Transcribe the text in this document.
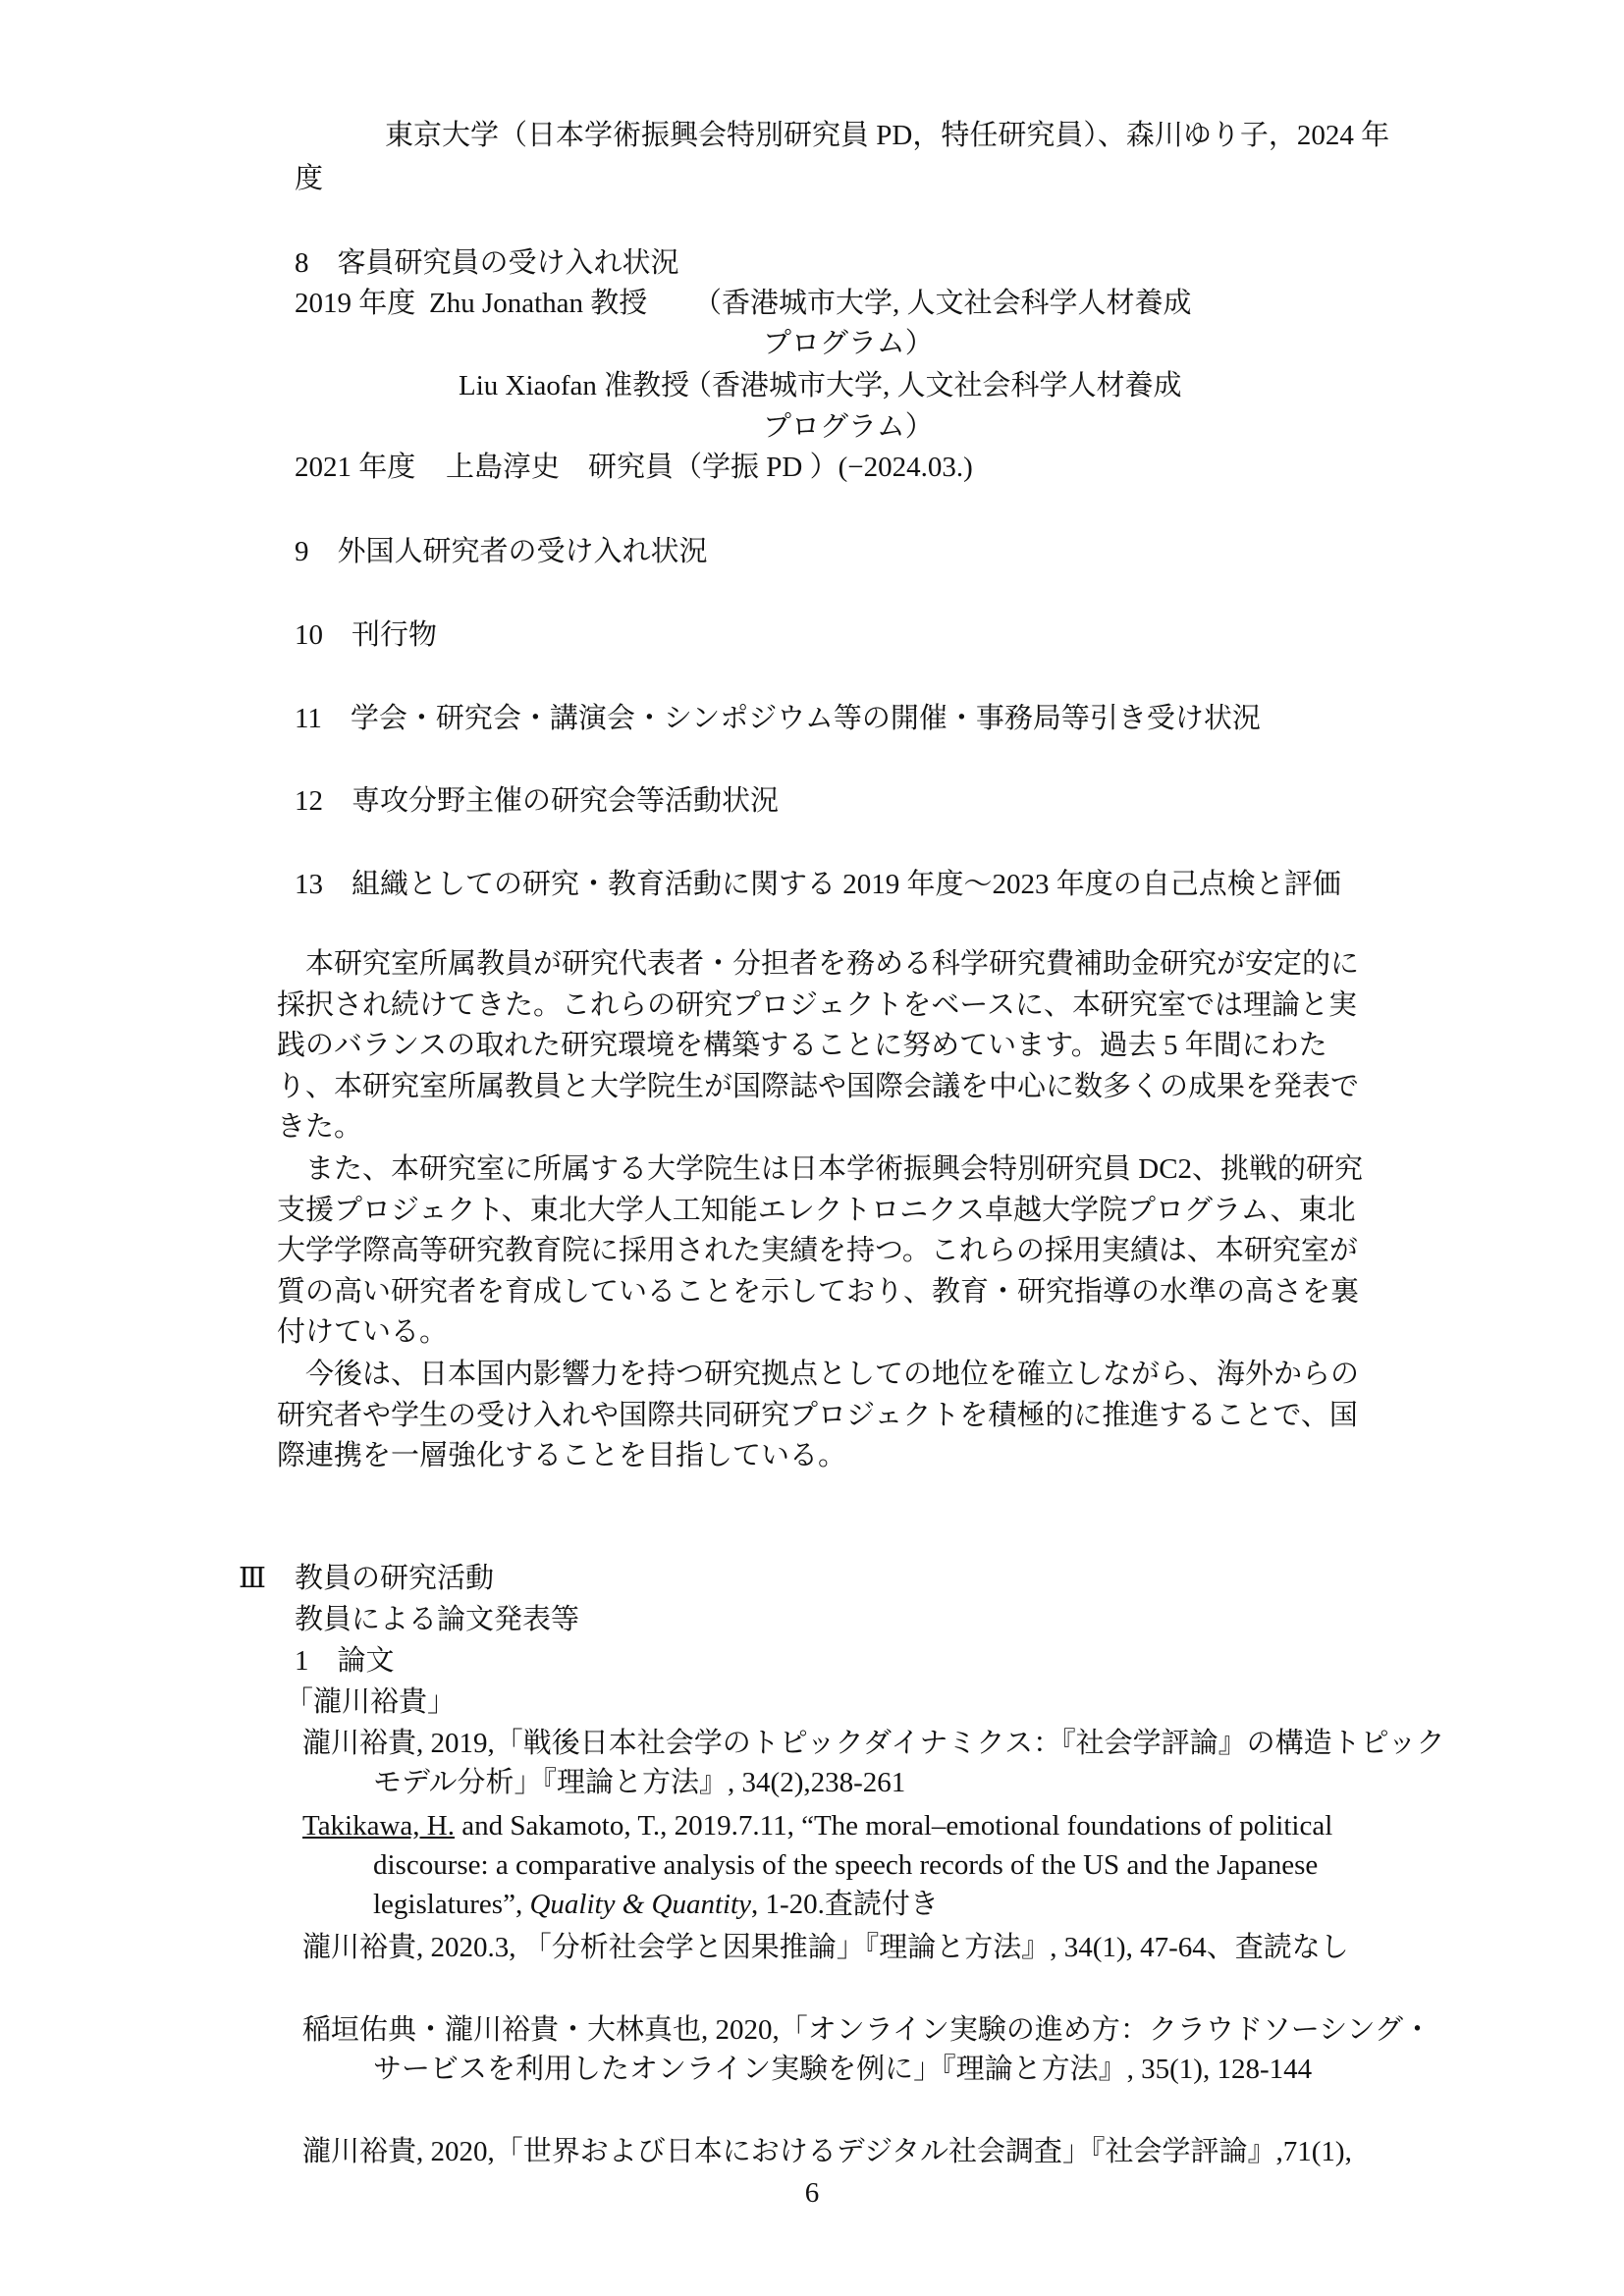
東京大学（日本学術振興会特別研究員 PD，特任研究員）、森川ゆり子，2024 年
度
8　客員研究員の受け入れ状況
2019 年度 Zhu Jonathan 教授 （香港城市大学, 人文社会科学人材養成
プログラム）
Liu Xiaofan 准教授
（香港城市大学, 人文社会科学人材養成
プログラム）
2021 年度 上島淳史　研究員（学振 PD ）(−2024.03.)
9　外国人研究者の受け入れ状況
10　刊行物
11　学会・研究会・講演会・シンポジウム等の開催・事務局等引き受け状況
12　専攻分野主催の研究会等活動状況
13　組織としての研究・教育活動に関する 2019 年度〜2023 年度の自己点検と評価
本研究室所属教員が研究代表者・分担者を務める科学研究費補助金研究が安定的に採択され続けてきた。これらの研究プロジェクトをベースに、本研究室では理論と実践のバランスの取れた研究環境を構築することに努めています。過去 5 年間にわたり、本研究室所属教員と大学院生が国際誌や国際会議を中心に数多くの成果を発表できた。
また、本研究室に所属する大学院生は日本学術振興会特別研究員 DC2、挑戦的研究支援プロジェクト、東北大学人工知能エレクトロニクス卓越大学院プログラム、東北大学学際高等研究教育院に採用された実績を持つ。これらの採用実績は、本研究室が質の高い研究者を育成していることを示しており、教育・研究指導の水準の高さを裏付けている。
今後は、日本国内影響力を持つ研究拠点としての地位を確立しながら、海外からの研究者や学生の受け入れや国際共同研究プロジェクトを積極的に推進することで、国際連携を一層強化することを目指している。
Ⅲ　教員の研究活動
教員による論文発表等
1　論文
「瀧川裕貴」
瀧川裕貴, 2019,「戦後日本社会学のトピックダイナミクス：『社会学評論』の構造トピックモデル分析」『理論と方法』, 34(2),238-261
Takikawa, H. and Sakamoto, T., 2019.7.11, “The moral–emotional foundations of political discourse: a comparative analysis of the speech records of the US and the Japanese legislatures”, Quality & Quantity, 1-20.査読付き
瀧川裕貴, 2020.3, 「分析社会学と因果推論」『理論と方法』, 34(1), 47-64、査読なし
稲垣佑典・瀧川裕貴・大林真也, 2020,「オンライン実験の進め方：クラウドソーシング・サービスを利用したオンライン実験を例に」『理論と方法』, 35(1), 128-144
瀧川裕貴, 2020,「世界および日本におけるデジタル社会調査」『社会学評論』,71(1),
6
